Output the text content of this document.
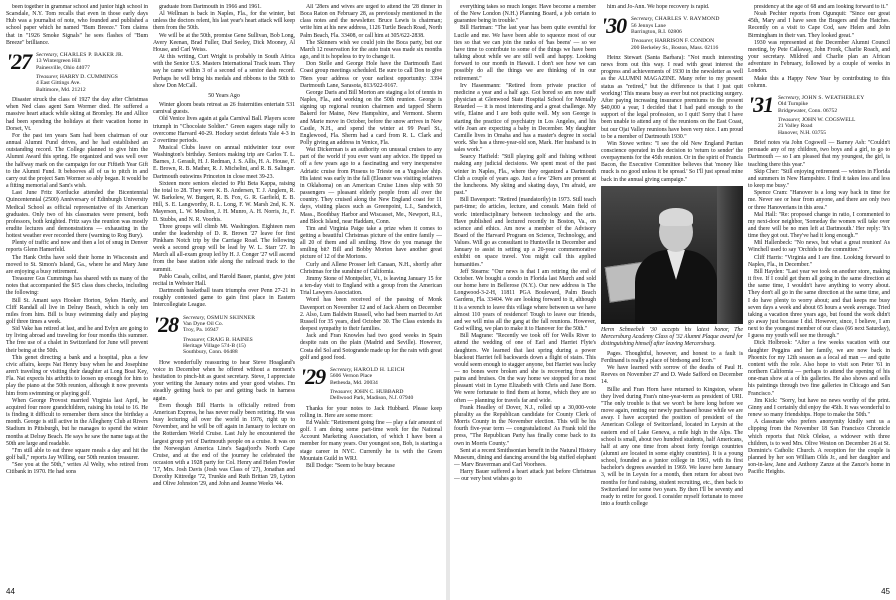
been together in grammar school and junior high school in Scarsdale, N.Y. Tom recalls that even in those early days Hub was a journalist of note, who founded and published a school paper which he named "Bum Breeze." Tom claims that in "1926 Smoke Signals" he sees flashes of "Bum Breeze" brilliance.

'27 Secretary, CHARLES P. BAKER JR.
13 Wintergreen Hill
Painesville, Ohio 44077
Treasurer, HARRY D. CUMMINGS
4 East Gittings Ave.
Baltimore, Md. 21212

Disaster struck the class of 1927 the day after Christmas when Ned class agent Sam Wormer died. He suffered a massive heart attack while skiing at Bromley. He and Allice had been spending the holidays at their vacation home in Dorset, Vt.

For the past ten years Sam had been chairman of our annual Alumni Fund drives, and he had established an outstanding record. The College planned to give him the Alumni Award this spring. He organized and was well over the halfway mark on the campaign for our Fiftieth Year Gift to the Alumni Fund. It behooves all of us to pitch in and carry out the project Sam Wormer so ably began. It would be a fitting memorial and Sam's wish.

Last June Fritz Kortlucke attended the Bicentennial Quincentennial (2500) Anniversary of Edinburgh University Medical School as official representative of its American graduates. Only two of his classmates were present, both professors, both knighted. Fritz says the reunion was mostly erudite lectures and demonstrations — exhausting in the hottest weather ever recorded there (warning to Rog Bury).

Plenty of traffic and now and then a lot of snug in Denver reports Glenn Hamerfeld.

The Hank Orths have sold their home in Wisconsin and moved to St. Simon's Island, Ga., where he and Mary Jane are enjoying a busy retirement.

Treasurer Gus Cummings has shared with us many of the notes that accompanied the $15 class dues checks, including the following:

Bill St. Amant says Hooker Horton, Sykes Hardy, and Cliff Randall all live in Delray Beach, which is only ten miles from him. Bill is busy swimming daily and playing golf three times a week.

Sid Vake has retired at last, and he and Evlyn are going to try living abroad and traveling for four months this summer. The free use of a chalet in Switzerland for June will prevent their being at the 50th.

This genet directing a bank and a hospital, plus a few civic affairs, keeps Nat Henry busy when he and Josephine aren't traveling or visiting their daughter at Long Boat Key, Fla. Nat expects his arthritis to loosen up enough for him to play the piano at the 50th reunion, although it now prevents him from swimming or playing golf.

When George Provost married Virginia last April, he acquired four more grandchildren, raising his total to 16. He is finding it difficult to remember them since the birthday a month. George is still active in the Allegheny Club at Rivers Stadium in Pittsburgh, but he manages to spend the winter months at Delray Beach. He says he saw the name tags at the 50th are large and readable.

"I'm still able to eat three square meals a day and hit the golf ball," reports Jay Willing, our 50th reunion treasurer.

"See you at the 50th," writes Al Welty, who retired from Citibank in 1970. He had sons

graduate from Dartmouth in 1966 and 1961.

Al Wellman is back in Naples, Fla., for the winter, but unless the doctors relent, his last year's heart attack will keep them from the 50th.

We will be at the 50th, promise Gene Sullivan, Bob Long, Avery Keenan, Brad Fuller, Dud Seeley, Dick Mooney, Al House, and Carl Weiss.

At this writing, Curt Wright is probably in South Africa with the Senior U.S. Masters International Track team. They say he came within 3 of a second of a senior dash record. Perhaps he will bring his medals and ribbons to the 50th to show Don McCall.

50 Years Ago

Winter gloom beats retreat as 26 fraternities entertain 531 carnival guests.

Old Venice lives again at gala Carnival Ball. Players score triumph in "Chocolate Soldier." Green eagers stage rally to overcome Harvard 40-29. Hockey sextet defeats Yale 4-3 in 2 overtime periods.

Musical Clubs leave on annual midwinter tour over Washington's birthday. Seniors making trip are Carlos T. L. Barnes, J. Gerault, H. J. Redman, J. S. Allis, H. A. House, F. E. Brown, R. B. Mather, R. J. Michelini, and R. B. Salinger. Dartmouth outswims Princeton in close meet 39-23.

Sixteen more seniors elected to Phi Beta Kappa, raising the total to 28. They were K. B. Andersen, T. J. Anglem, R. W. Barkelew, W. Burgert, R. B. Fox, G. R. Garfield, E. B. Hill, S. E. Langworthy, R. L. Long, F. W. Marsh 2nd, K. N. Mayerson, L. W. Moulton, J. H. Munro, A. H. Norris, Jr., F. D. Stubbs, and N. R. Voorhis.

Three groups will climb Mt. Washington. Eighteen men under the leadership of D. R. Brown '27 leave for first Pinkham Notch trip by the Carriage Road. The following week a second group will be lead by W. L. Starr '27. In March all all-exam group led by H. J. Conger '27 will ascend from the base station side along the railroad track to the summit.

Pablo Casals, cellist, and Harold Bauer, pianist, give joint recital in Webster Hall.

Dartmouth basketball team triumphs over Penn 27-21 in roughly contested game to gain first place in Eastern Intercollegiate League.

'28 Secretary, OSMUN SKINNER
Van Dyne Oil Co.
Troy, Pa. 16947
Treasurer, CRAIG B. HAINES
Heritage Village 574-B (15)
Southbury, Conn. 06488

How wonderfully reassuring to hear Steve Hoagland's voice in December when he offered without a moment's hesitation to pinch-hit as guest secretary. Steve, I appreciate your writing the January notes and your good wishes. I'm steadily getting back to par and getting back in harness again.

Even though Bill Harris is officially retired from American Express, he has never really been retiring. He was busy lecturing all over the world in 1976, right up to November, and he will be off again in January to lecture on the Rotterdam World Cruise. Last July he encountered the largest group yet of Dartmouth people on a cruise. It was on the Norwegian America Line's Sagafjord's North Cape Cruise, and at the end of the journey he celebrated the occasion with a 1928 party for Col. Henry and Helen Fowler '17, Mrs. Josh Davis (Josh was Class of '27), Jonathan and Dorothy Kittredge '72, Trunkie and Ruth Brittan '29, Lytton and Olive Johnston '29, and John and Jeanne Weeks '44.

All '28ers and wives are urged to attend the '28 dinner in Boca Raton on February 28, as previously mentioned in the class notes and the newsletter. Bruce Lewis is chairman; write him at his new address, 1126 Turtle Beach Road, North Palm Beach, Fla. 33408, or call him at 305/622-2838.

The Skinners wish we could join the Boca party, but our March 12 reservation for the auto train was made six months ago, and it is hopeless to try to change it.

Don Stelle and George Hole have the Dartmouth East Coast group meetings scheduled. Be sure to call Don to give 78ers your address or your earliest opportunity: 3394 Dartmouth Lane, Sarasota, 813/922-9167.

George Daris and Bill Morton are staging a lot of tennis in Naples, Fla., and working on the 50th reunion. George is signing up regional reunion chairmen and tapped Sherm Bakerd for Maine, New Hampshire, and Vermont. Sherm and Marie move in October, before the snow arrives in New Castle, N.H., and spend the winter at 99 Pearl St., Englewood, Fla. Sherm had a card from R. L. Clark and Polly giving an address in Venice, Fla.

Wat Dickerman is an authority on unusual cruises to any part of the world if you ever want any advice. He tipped us off a few years ago to a fascinating and very inexpensive Adriatic cruise from Piraeus to Trieste on a Yugoslav ship. His latest was early in the fall (Eleanor was visiting relatives in Oklahoma) on an American Cruise Lines ship with 50 passengers — pleasant elderly people from all over the country. They cruised along the New England coast for 11 days, visiting places such as Greenpoint, L.I., Sandwich, Mass., Boothbay Harbor and Wiscasset, Me., Newport, R.I., and Block Island, near Haddam, Conn.

Tim and Virginia Paige take a prize when it comes to getting a beautiful Christmas picture of the entire family — all 20 of them and all smiling. How do you manage the smiling bit? Bill and Bobby Morton have another great picture of 12 of the Mortons.

Curly and Allene Prosser left Canaan, N.H., shortly after Christmas for the sunshine of California.

Jimmy Stone of Montpelier, Vt., is leaving January 15 for a ten-day visit to England with a group from the American Trial Lawyers Association.

Word has been received of the passing of Monk Davenport on November 12 and of Jack Ahern on December 2. Also, Lum Baldwin Russell, who had been married to Art Russell for 35 years, died October 30. The Class extends its deepest sympathy to their families.

Jack and Fran Knowles had two good weeks in Spain despite rain on the plain (Madrid and Seville). However, Costa del Sol and Sotogrande made up for the rain with great golf and good food.

'29 Secretary, HAROLD H. LEICH
5606 Vernon Place
Bethesda, Md. 20034
Treasurer, JOHN C. HUBBARD
Dellwood Park, Madison, N.J. 07940

Thanks for your notes to Jack Hubbard. Please keep rolling in. Here are some more:

Ed Walsh: "Retirement going fine — play a fair amount of golf. I am doing some part-time work for the National Account Marketing Association, of which I have been a member for many years. Our youngest son, Bob, is starting a stage career in NYC. Currently he is with the Green Mountain Guild in WRJ.

Bill Dodge: "Seem to be busy because

44

everything takes so much longer. Have become a member of the New London (N.H.) Planning Board, a job certain to guarantee being in trouble."

Bill Hartman: "The last year has been quite eventful for Lucile and me. We have been able to squeeze most of our ties so that we can join the ranks of 'has beens' — so we have time to contribute to some of the things we have been talking about while we are still well and happy. Looking forward to our month in Hawaii. I don't see how we can possibly do all the things we are thinking of in our retirement."

Irv Hasenmann: "Retired from private practice of medicine a year and a half ago. Got bored so am now staff physician at Glenwood State Hospital School for Mentally Retarded — it is most interesting and a great challenge. My wife, Elaine and I are both quite well. My son George is starting the practice of psychiatry in Los Angeles, and his wife Joan are expecting a baby in December. My daughter Camille lives in Omaha and has a master's degree in social work. She has a three-year-old son, Mark. Her husband is in sales work."

Searcy Hatfield: "Still playing golf and fishing without making any judicial decisions. We spent most of the past winter in Naples, Fla., where they organized a Dartmouth Club a couple of years ago. Just a few '29ers are present at the luncheons. My skiing and skating days, I'm afraid, are past."

Bill Davenport: "Retired (mandatorily) in 1973. Still teach part-time; do articles, lecture, and consult. Main field of work: interdisciplinary between technology and the arts. Have published and lectured recently in Boston, Va., on science and ethics. Am now a member of the Advisory Board of the Harvard Program on Science, Technology, and Values. Will go as consultant to Huntsville in December and January to assist in setting up a 20-year commemorative exhibit on space travel. You might call this applied humanities."

Jeff Stearns: "Our news is that I am retiring the end of October. We bought a condo in Florida last March and sold our home here in Bellerose (N.Y.). Our new address is The Longwood-3-2-H, 11811 PGA Boulevard, Palm Beach Gardens, Fla. 33404. We are looking forward to it, although it is a wrench to leave this village where between us we have almost 110 years of residence! Tough to leave our friends, and we will miss all the gang at the fall reunions. However, God willing, we plan to make it to Hanover for the 50th."

Bill Magrane: "Recently we took off for Wells River to attend the wedding of one of Earl and Harriet Flyte's daughters. We learned that last spring during a power blackout Harriet fell backwards down a flight of stairs. This would seem enough to stagger anyone, but Harriet was lucky — no bones were broken and she is recovering from the pains and bruises. On the way home we stopped for a most pleasant visit in Lyme Elizabeth with Chris and Jane Born. We were fortunate to find them at home, which they are so often — planning for travels far and wide.

Frank Headley of Dover, N.J., rolled up a 30,000-vote plurality as the Republican candidate for County Clerk of Morris County in the November election. This will be his fourth five-year term — congratulations! As Frank told the press, "The Republican Party has finally come back to its own in Morris County."

Sent at a recent Smithsonian benefit in the Natural History Museum, dining and dancing around the big stuffed elephant — Marv Braverman and Carl Voorhees.

Harry Bauer suffered a heart attack just before Christmas — our very best wishes go to

him and Jo-Ann. We hope recovery is rapid.

'30 Secretary, CHARLES V. RAYMOND
56 Jennys Lane
Barrington, R.I. 02806
Treasurer, HARRISON F. CONDON
200 Berkeley St., Boston, Mass. 02116

Heinz Stewart (Santa Barbara): "Not much interesting news from out this way. I read with great interest the progress and achievements of 1930 in the newsletter as well as the ALUMNI MAGAZINE. Many refer to my present status as "retired," but the difference is that I just quit working! This means busy as ever but not practicing surgery. After paying increasing insurance premiums to the present $40,000 a year, I decided that I had paid enough to the support of the legal profession, so I quit! Sorry that I have been unable to attend any of the reunions on the East Coast, but our Ojai Valley reunions have been very nice. I am proud to be a member of Dartmouth 1930."

Win Stowe writes: "I see the old New England Puritan conscience operated in the decision to 'return to sender' the overpayments for the 45th reunion. Or in the spirit of Francis Bacon, the Executive Committee believes that 'money like muck is no good unless it be spread.' So I'll just spread mine back in the annual giving campaign."

Herm Schneebeli '30 accepts his latest honor, The Mercersburg Academy Class of '32 Alumni Plaque award for distinguishing himself after leaving Mercersburg.

Pages. Thoughtful, however, and honest to a fault is Ferdinand is really a place of birdsong and Icon."

We have learned with sorrow of the deaths of Paul H. Reeves on November 27 and D. Wade Safford on December 14.

Billie and Fran Horn have returned to Kingston, where they lived during Fran's nine-year-term as president of URI. "The only trouble is that we won't be here long before we move again, renting our newly purchased house while we are away. I have accepted the position of president of the American College of Switzerland, located in Leysin at the eastern end of Lake Geneva, a mile high in the Alps. The school is small, about two hundred students, half Americans, half at any one time from about forty foreign countries (alumni are located in some eighty countries). It is a young school, founded as a junior college in 1961, with its first bachelor's degrees awarded in 1969. We leave here January 3, will be in Leysin for a month, then return for about two months for fund raising, student recruiting, etc., then back to Switzerland for some two years. By then I'll be seventy and ready to retire for good. I consider myself fortunate to move into a fourth college

presidency at the age of 68 and am looking forward to it."

Noah Pechter reports from Ogunquit: "Since our great 45th, Mary and I have seen the Bragers and the Hatches. Recently on a visit to Cape Cod, saw Helen and John Birmingham in their van. They looked great."

1930 was represented at the December Alumni Council meeting, by Pete Callaway, John Fronk, Charlie Roach, and your secretary. Mildred and Charlie plan an African adventure in February, followed by a couple of weeks in London.

Make this a Happy New Year by contributing to this column.

'31 Secretary, JOHN S. WEATHERLEY
Old Turnpike
Bridgewater, Conn. 06752
Treasurer, JOHN W. COGSWELL
21 Valley Road
Hanover, N.H. 03755

Brief notes via John Cogswell — Barney Ash: "Couldn't persuade any of my children, two boys and a girl, to go to Dartmouth — so I am pleased that my youngest, the girl, is teaching there this year."

Skip Cher: "Still enjoying retirement — winters in Florida and summers in New Hampshire. I find it takes less and less to keep me busy."

Spence Cram: "Hanover is a long way back in time for me. Never see or hear from anyone, and there are only two or three Hanoverians in this area."

Mal Hall: "Re: proposed change in ratio, I commented to my next-door neighbor, 'Someday the women will take over and there will be no men left at Dartmouth.' Her reply: 'It's time they got out. They've had it long enough.'"

Mil Hallenbeck: "No news, but what a great reunion! As Winchell used to say 'Orchids to the committee.'"

Cliff Harris: "Virginia and I are fine. Looking forward to Naples, Fla., in December."

Bill Hayden: "Last year we took on another store, making it five. If I could get them all going in the same direction at the same time, I wouldn't have anything to worry about. They don't all go in the same direction at the same time, and I do have plenty to worry about; and that keeps me busy seven days a week and about 65 hours a week average. Tried taking a vacation three years ago, but found the work didn't go away just because I did. However, since, I believe, I am next to the youngest member of our class (66 next Saturday), I guess my youth will see me through."

Dick Holbrook: "After a few weeks vacation with our daughter Peggins and her family, we are now back in Phoenix for my 12th season as a local ad man — and quite content with the role. Also hope to visit son Peter '61 in northern California — perhaps to attend the opening of his one-man show at a of his galleries. He also shows and sells his paintings through two fine galleries in Chicago and San Francisco."

Jim Kick: "Sorry, but have no news worthy of the print. Ginny and I certainly did enjoy the 45th. It was wonderful to renew so many friendships. Hope to make the 50th."

A classmate who prefers anonymity kindly sent us a clipping from the November 18 San Francisco Chronicle which reports that Nick Olekse, a widower with three children, is to wed Mrs. Olive Weston on December 26 at St. Dominic's Catholic Church. A reception for the couple is planned by her son William Olds Jr., and her daughter and son-in-law, Jane and Anthony Zanze at the Zanze's home in Pacific Heights.

45
